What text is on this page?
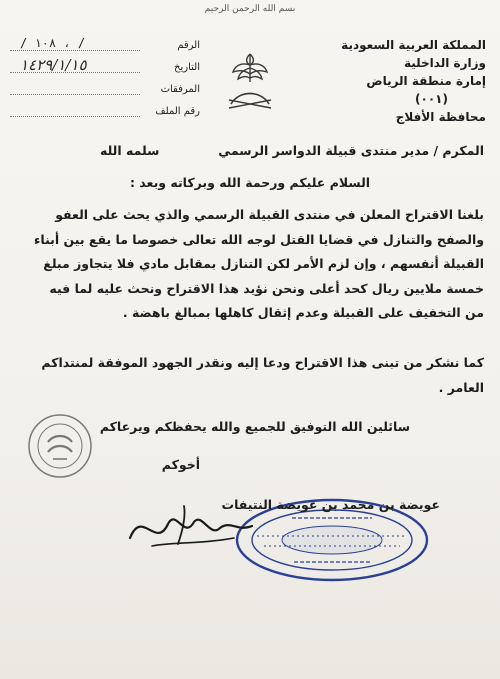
بسم الله الرحمن الرحيم
المملكة العربية السعودية
وزارة الداخلية
إمارة منطقة الرياض
(٠٠١)
محافظة الأفلاج
الرقم
/ ١٠٨ ، /
التاريخ
١٤٢٩/١/١٥
المرفقات
رقم الملف
المكرم / مدير منتدى قبيلة الدواسر الرسمي
سلمه الله
السلام عليكم ورحمة الله وبركاته وبعد :
بلغنا الاقتراح المعلن في منتدى القبيلة الرسمي والذي يحث على العفو
والصفح والتنازل في قضايا القتل لوجه الله تعالى خصوصا ما يقع بين أبناء
القبيلة أنفسهم ، وإن لزم الأمر لكن التنازل بمقابل مادي فلا يتجاوز مبلغ
خمسة ملايين ريال كحد أعلى ونحن نؤيد هذا الاقتراح ونحث عليه لما فيه
من التخفيف على القبيلة وعدم إثقال كاهلها بمبالغ باهضة .
كما نشكر من تبنى هذا الاقتراح ودعا إليه ونقدر الجهود الموفقة لمنتداكم
العامر .
سائلين الله التوفيق للجميع والله يحفظكم ويرعاكم
أخوكم
عويضة بن محمد بن عويضة النتيفات
